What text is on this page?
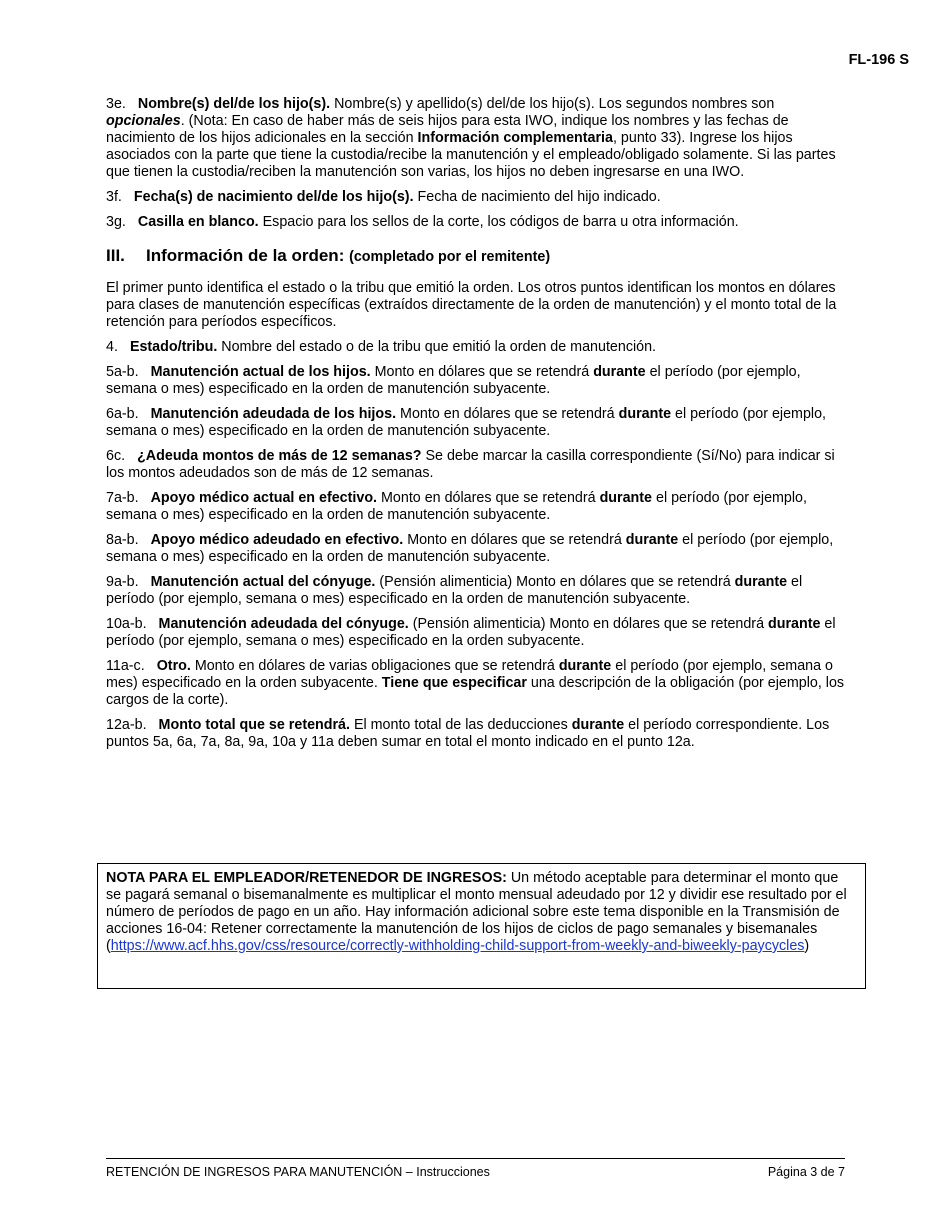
FL-196 S

3e. Nombre(s) del/de los hijo(s). Nombre(s) y apellido(s) del/de los hijo(s). Los segundos nombres son opcionales. (Nota: En caso de haber más de seis hijos para esta IWO, indique los nombres y las fechas de nacimiento de los hijos adicionales en la sección Información complementaria, punto 33). Ingrese los hijos asociados con la parte que tiene la custodia/recibe la manutención y el empleado/obligado solamente. Si las partes que tienen la custodia/reciben la manutención son varias, los hijos no deben ingresarse en una IWO.

3f. Fecha(s) de nacimiento del/de los hijo(s). Fecha de nacimiento del hijo indicado.

3g. Casilla en blanco. Espacio para los sellos de la corte, los códigos de barra u otra información.

III. Información de la orden: (completado por el remitente)

El primer punto identifica el estado o la tribu que emitió la orden. Los otros puntos identifican los montos en dólares para clases de manutención específicas (extraídos directamente de la orden de manutención) y el monto total de la retención para períodos específicos.

4. Estado/tribu. Nombre del estado o de la tribu que emitió la orden de manutención.

5a-b. Manutención actual de los hijos. Monto en dólares que se retendrá durante el período (por ejemplo, semana o mes) especificado en la orden de manutención subyacente.

6a-b. Manutención adeudada de los hijos. Monto en dólares que se retendrá durante el período (por ejemplo, semana o mes) especificado en la orden de manutención subyacente.

6c. ¿Adeuda montos de más de 12 semanas? Se debe marcar la casilla correspondiente (Sí/No) para indicar si los montos adeudados son de más de 12 semanas.

7a-b. Apoyo médico actual en efectivo. Monto en dólares que se retendrá durante el período (por ejemplo, semana o mes) especificado en la orden de manutención subyacente.

8a-b. Apoyo médico adeudado en efectivo. Monto en dólares que se retendrá durante el período (por ejemplo, semana o mes) especificado en la orden de manutención subyacente.

9a-b. Manutención actual del cónyuge. (Pensión alimenticia) Monto en dólares que se retendrá durante el período (por ejemplo, semana o mes) especificado en la orden de manutención subyacente.

10a-b. Manutención adeudada del cónyuge. (Pensión alimenticia) Monto en dólares que se retendrá durante el período (por ejemplo, semana o mes) especificado en la orden subyacente.

11a-c. Otro. Monto en dólares de varias obligaciones que se retendrá durante el período (por ejemplo, semana o mes) especificado en la orden subyacente. Tiene que especificar una descripción de la obligación (por ejemplo, los cargos de la corte).

12a-b. Monto total que se retendrá. El monto total de las deducciones durante el período correspondiente. Los puntos 5a, 6a, 7a, 8a, 9a, 10a y 11a deben sumar en total el monto indicado en el punto 12a.

NOTA PARA EL EMPLEADOR/RETENEDOR DE INGRESOS: Un método aceptable para determinar el monto que se pagará semanal o bisemanalmente es multiplicar el monto mensual adeudado por 12 y dividir ese resultado por el número de períodos de pago en un año. Hay información adicional sobre este tema disponible en la Transmisión de acciones 16-04: Retener correctamente la manutención de los hijos de ciclos de pago semanales y bisemanales (https://www.acf.hhs.gov/css/resource/correctly-withholding-child-support-from-weekly-and-biweekly-paycycles)
RETENCIÓN DE INGRESOS PARA MANUTENCIÓN – Instrucciones	Página 3 de 7
